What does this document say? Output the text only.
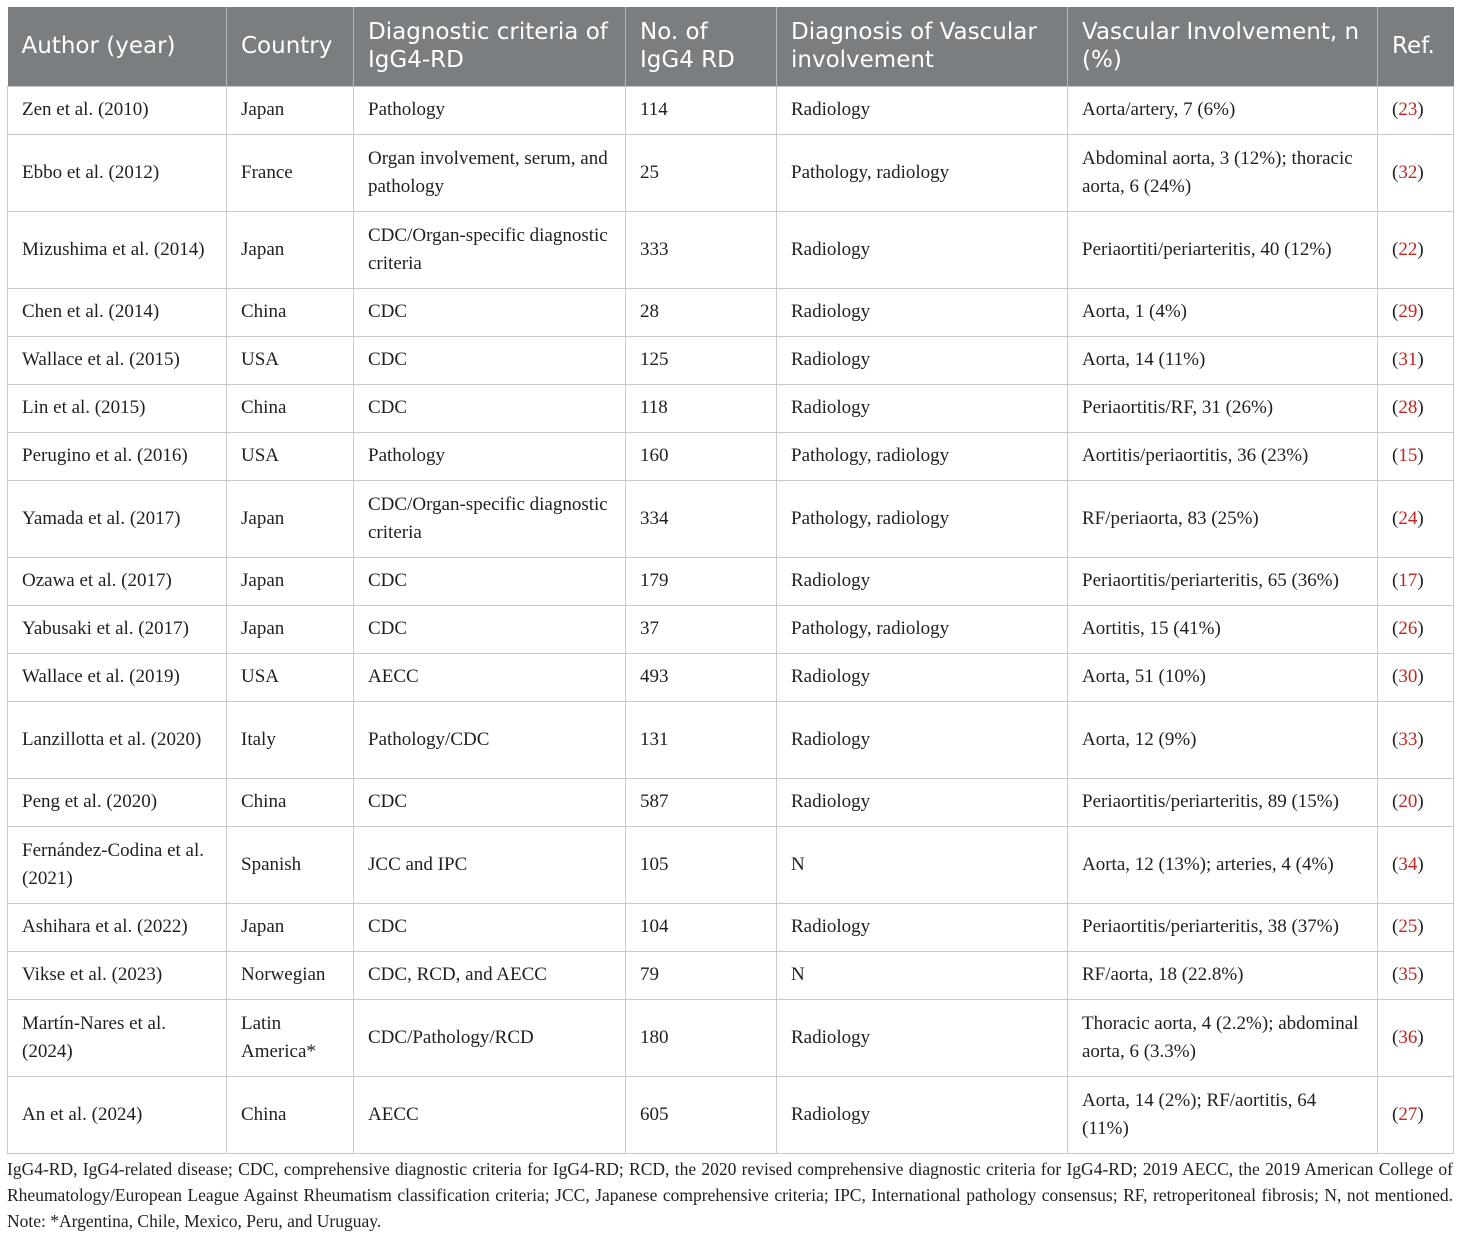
Author (year)	Country	Diagnostic criteria of IgG4-RD	No. of IgG4 RD	Diagnosis of Vascular involvement	Vascular Involvement, n (%)	Ref.
Zen et al. (2010)	Japan	Pathology	114	Radiology	Aorta/artery, 7 (6%)	(23)
Ebbo et al. (2012)	France	Organ involvement, serum, and pathology	25	Pathology, radiology	Abdominal aorta, 3 (12%); thoracic aorta, 6 (24%)	(32)
Mizushima et al. (2014)	Japan	CDC/Organ-specific diagnostic criteria	333	Radiology	Periaortiti/periarteritis, 40 (12%)	(22)
Chen et al. (2014)	China	CDC	28	Radiology	Aorta, 1 (4%)	(29)
Wallace et al. (2015)	USA	CDC	125	Radiology	Aorta, 14 (11%)	(31)
Lin et al. (2015)	China	CDC	118	Radiology	Periaortitis/RF, 31 (26%)	(28)
Perugino et al. (2016)	USA	Pathology	160	Pathology, radiology	Aortitis/periaortitis, 36 (23%)	(15)
Yamada et al. (2017)	Japan	CDC/Organ-specific diagnostic criteria	334	Pathology, radiology	RF/periaorta, 83 (25%)	(24)
Ozawa et al. (2017)	Japan	CDC	179	Radiology	Periaortitis/periarteritis, 65 (36%)	(17)
Yabusaki et al. (2017)	Japan	CDC	37	Pathology, radiology	Aortitis, 15 (41%)	(26)
Wallace et al. (2019)	USA	AECC	493	Radiology	Aorta, 51 (10%)	(30)
Lanzillotta et al. (2020)	Italy	Pathology/CDC	131	Radiology	Aorta, 12 (9%)	(33)
Peng et al. (2020)	China	CDC	587	Radiology	Periaortitis/periarteritis, 89 (15%)	(20)
Fernández-Codina et al. (2021)	Spanish	JCC and IPC	105	N	Aorta, 12 (13%); arteries, 4 (4%)	(34)
Ashihara et al. (2022)	Japan	CDC	104	Radiology	Periaortitis/periarteritis, 38 (37%)	(25)
Vikse et al. (2023)	Norwegian	CDC, RCD, and AECC	79	N	RF/aorta, 18 (22.8%)	(35)
Martín-Nares et al. (2024)	Latin America*	CDC/Pathology/RCD	180	Radiology	Thoracic aorta, 4 (2.2%); abdominal aorta, 6 (3.3%)	(36)
An et al. (2024)	China	AECC	605	Radiology	Aorta, 14 (2%); RF/aortitis, 64 (11%)	(27)

IgG4-RD, IgG4-related disease; CDC, comprehensive diagnostic criteria for IgG4-RD; RCD, the 2020 revised comprehensive diagnostic criteria for IgG4-RD; 2019 AECC, the 2019 American College of Rheumatology/European League Against Rheumatism classification criteria; JCC, Japanese comprehensive criteria; IPC, International pathology consensus; RF, retroperitoneal fibrosis; N, not mentioned. Note: *Argentina, Chile, Mexico, Peru, and Uruguay.
